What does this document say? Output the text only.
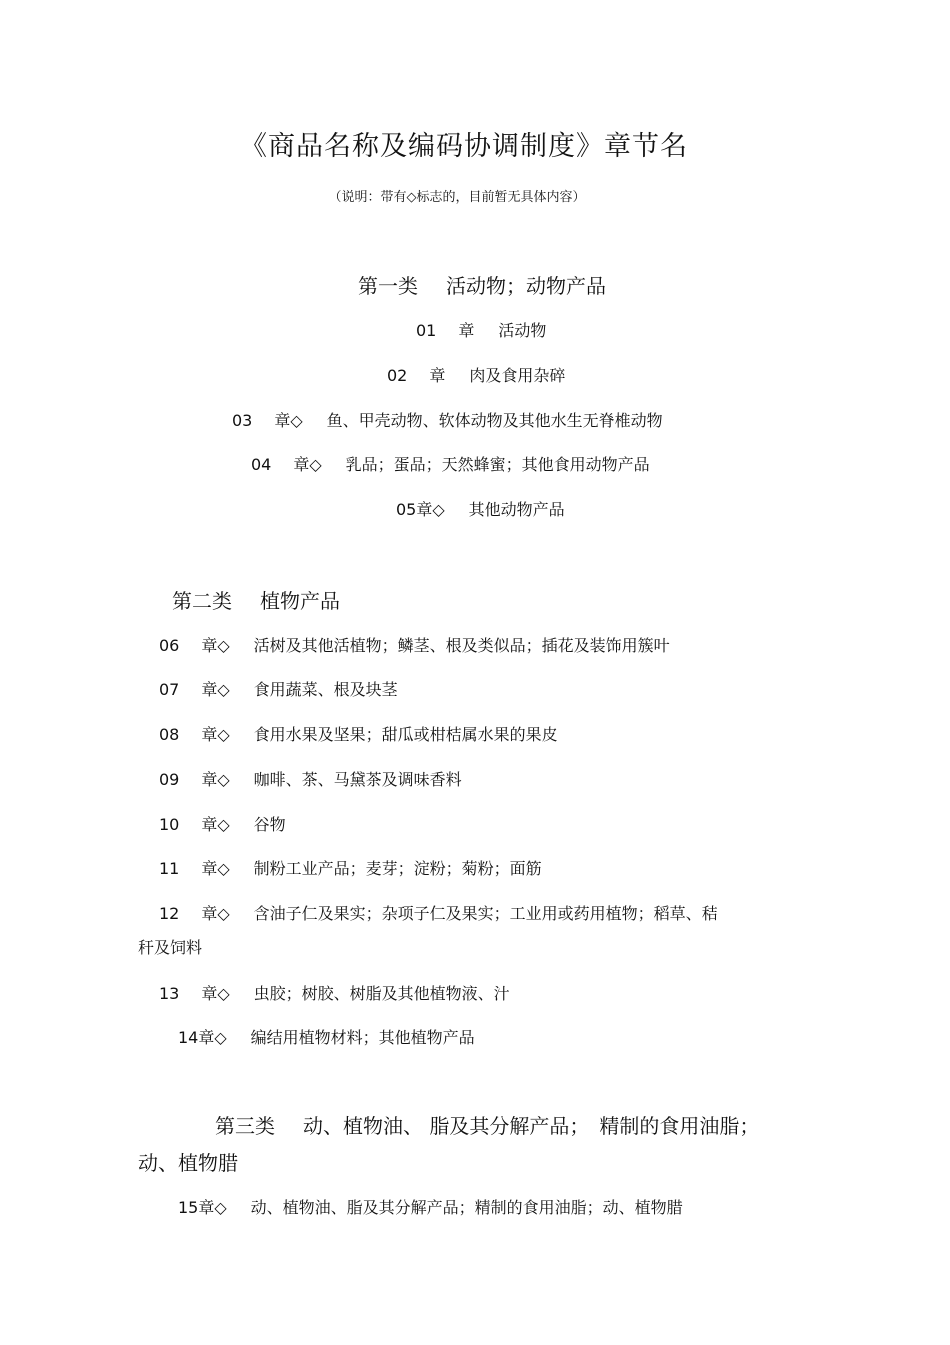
《商品名称及编码协调制度》章节名
（说明：带有◇标志的，目前暂无具体内容）
第一类 活动物；动物产品
01 章 活动物
02 章 肉及食用杂碎
03 章◇ 鱼、甲壳动物、软体动物及其他水生无脊椎动物
04 章◇ 乳品；蛋品；天然蜂蜜；其他食用动物产品
05章◇ 其他动物产品
第二类 植物产品
06 章◇ 活树及其他活植物；鳞茎、根及类似品；插花及装饰用簇叶
07 章◇ 食用蔬菜、根及块茎
08 章◇ 食用水果及坚果；甜瓜或柑桔属水果的果皮
09 章◇ 咖啡、茶、马黛茶及调味香料
10 章◇ 谷物
11 章◇ 制粉工业产品；麦芽；淀粉；菊粉；面筋
12 章◇ 含油子仁及果实；杂项子仁及果实；工业用或药用植物；稻草、秸
秆及饲料
13 章◇ 虫胶；树胶、树脂及其他植物液、汁
14章◇ 编结用植物材料；其他植物产品
第三类 动、植物油、 脂及其分解产品；　精制的食用油脂；
动、植物腊
15章◇ 动、植物油、脂及其分解产品；精制的食用油脂；动、植物腊
